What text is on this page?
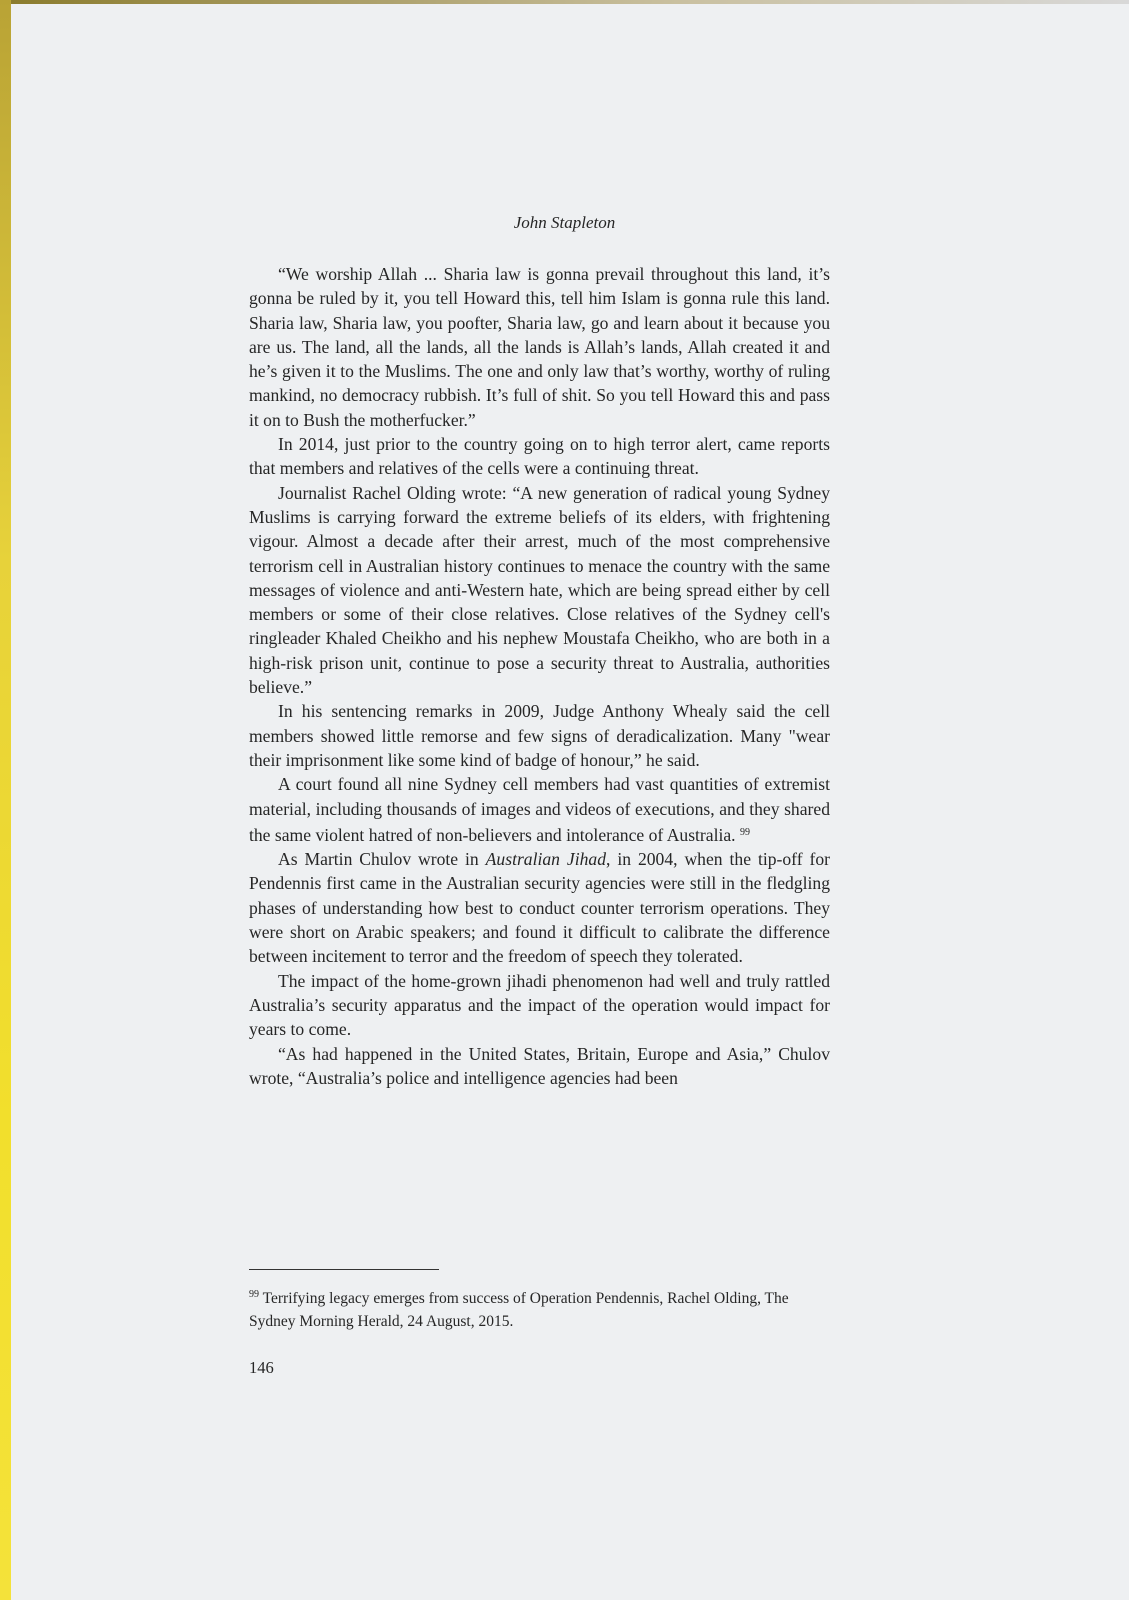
John Stapleton

“We worship Allah ... Sharia law is gonna prevail throughout this land, it’s gonna be ruled by it, you tell Howard this, tell him Islam is gonna rule this land. Sharia law, Sharia law, you poofter, Sharia law, go and learn about it because you are us. The land, all the lands, all the lands is Allah’s lands, Allah created it and he’s given it to the Muslims. The one and only law that’s worthy, worthy of ruling mankind, no democracy rubbish. It’s full of shit. So you tell Howard this and pass it on to Bush the motherfucker.”

In 2014, just prior to the country going on to high terror alert, came reports that members and relatives of the cells were a continuing threat.

Journalist Rachel Olding wrote: “A new generation of radical young Sydney Muslims is carrying forward the extreme beliefs of its elders, with frightening vigour. Almost a decade after their arrest, much of the most comprehensive terrorism cell in Australian history continues to menace the country with the same messages of violence and anti-Western hate, which are being spread either by cell members or some of their close relatives. Close relatives of the Sydney cell's ringleader Khaled Cheikho and his nephew Moustafa Cheikho, who are both in a high-risk prison unit, continue to pose a security threat to Australia, authorities believe.”

In his sentencing remarks in 2009, Judge Anthony Whealy said the cell members showed little remorse and few signs of deradicalization. Many "wear their imprisonment like some kind of badge of honour,” he said.

A court found all nine Sydney cell members had vast quantities of extremist material, including thousands of images and videos of executions, and they shared the same violent hatred of non-believers and intolerance of Australia. $^{99}$

As Martin Chulov wrote in Australian Jihad, in 2004, when the tip-off for Pendennis first came in the Australian security agencies were still in the fledgling phases of understanding how best to conduct counter terrorism operations. They were short on Arabic speakers; and found it difficult to calibrate the difference between incitement to terror and the freedom of speech they tolerated.

The impact of the home-grown jihadi phenomenon had well and truly rattled Australia’s security apparatus and the impact of the operation would impact for years to come.

“As had happened in the United States, Britain, Europe and Asia,” Chulov wrote, “Australia’s police and intelligence agencies had been

$^{99}$ Terrifying legacy emerges from success of Operation Pendennis, Rachel Olding, The Sydney Morning Herald, 24 August, 2015.
146
